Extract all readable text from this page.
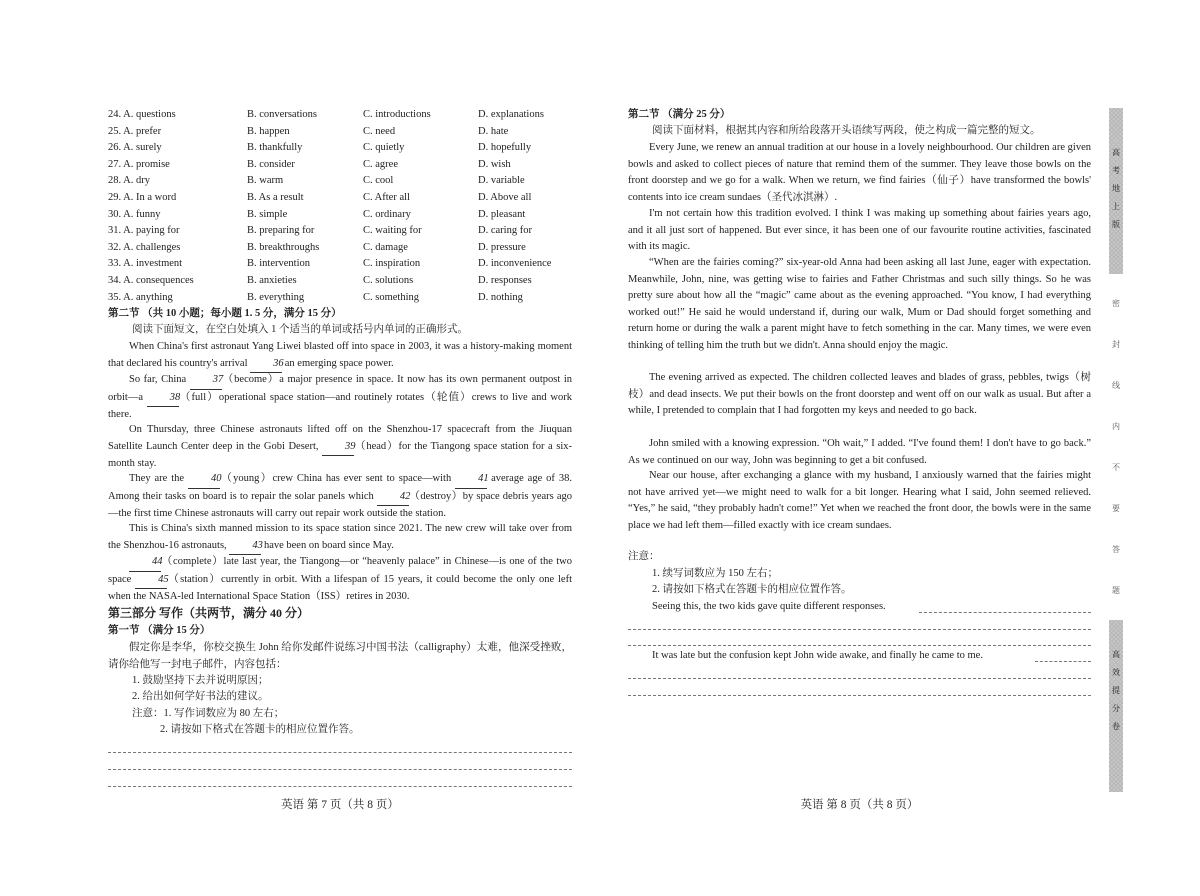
24. A. questions	B. conversations	C. introductions	D. explanations
25. A. prefer	B. happen	C. need	D. hate
26. A. surely	B. thankfully	C. quietly	D. hopefully
27. A. promise	B. consider	C. agree	D. wish
28. A. dry	B. warm	C. cool	D. variable
29. A. In a word	B. As a result	C. After all	D. Above all
30. A. funny	B. simple	C. ordinary	D. pleasant
31. A. paying for	B. preparing for	C. waiting for	D. caring for
32. A. challenges	B. breakthroughs	C. damage	D. pressure
33. A. investment	B. intervention	C. inspiration	D. inconvenience
34. A. consequences	B. anxieties	C. solutions	D. responses
35. A. anything	B. everything	C. something	D. nothing
第二节 （共 10 小题；每小题 1. 5 分，满分 15 分）
阅读下面短文，在空白处填入 1 个适当的单词或括号内单词的正确形式。

When China's first astronaut Yang Liwei blasted off into space in 2003, it was a history-making moment that declared his country's arrival 36 an emerging space power.

So far, China 37（become）a major presence in space. It now has its own permanent outpost in orbit—a 38（full）operational space station—and routinely rotates（轮值）crews to live and work there.

On Thursday, three Chinese astronauts lifted off on the Shenzhou-17 spacecraft from the Jiuquan Satellite Launch Center deep in the Gobi Desert, 39（head）for the Tiangong space station for a six-month stay.

They are the 40（young）crew China has ever sent to space—with 41 average age of 38. Among their tasks on board is to repair the solar panels which 42（destroy）by space debris years ago—the first time Chinese astronauts will carry out repair work outside the station.

This is China's sixth manned mission to its space station since 2021. The new crew will take over from the Shenzhou-16 astronauts, 43 have been on board since May.

44（complete）late last year, the Tiangong—or “heavenly palace” in Chinese—is one of the two space 45（station）currently in orbit. With a lifespan of 15 years, it could become the only one left when the NASA-led International Space Station（ISS）retires in 2030.

第三部分 写作（共两节，满分 40 分）
第一节 （满分 15 分）

假定你是李华，你校交换生 John 给你发邮件说练习中国书法（calligraphy）太难，他深受挫败，请你给他写一封电子邮件，内容包括：

1. 鼓励坚持下去并说明原因；
2. 给出如何学好书法的建议。
注意：1. 写作词数应为 80 左右；
2. 请按如下格式在答题卡的相应位置作答。
英语 第 7 页（共 8 页）
第二节 （满分 25 分）
阅读下面材料，根据其内容和所给段落开头语续写两段，使之构成一篇完整的短文。

Every June, we renew an annual tradition at our house in a lovely neighbourhood. Our children are given bowls and asked to collect pieces of nature that remind them of the summer. They leave those bowls on the front doorstep and we go for a walk. When we return, we find fairies（仙子）have transformed the bowls' contents into ice cream sundaes（圣代冰淇淋）.

I'm not certain how this tradition evolved. I think I was making up something about fairies years ago, and it all just sort of happened. But ever since, it has been one of our favourite routine activities, fascinated with its magic.

“When are the fairies coming?” six-year-old Anna had been asking all last June, eager with expectation. Meanwhile, John, nine, was getting wise to fairies and Father Christmas and such silly things. So he was pretty sure about how all the “magic” came about as the evening approached. “You know, I had everything worked out!” He said he would understand if, during our walk, Mum or Dad should forget something and return home or during the walk a parent might have to fetch something in the car. Many times, we were even thinking of telling him the truth but we didn't. Anna should enjoy the magic.

The evening arrived as expected. The children collected leaves and blades of grass, pebbles, twigs（树枝）and dead insects. We put their bowls on the front doorstep and went off on our walk as usual. But after a while, I pretended to complain that I had forgotten my keys and needed to go back.

John smiled with a knowing expression. “Oh wait,” I added. “I've found them! I don't have to go back.” As we continued on our way, John was beginning to get a bit confused.

Near our house, after exchanging a glance with my husband, I anxiously warned that the fairies might not have arrived yet—we might need to walk for a bit longer. Hearing what I said, John seemed relieved. “Yes,” he said, “they probably hadn't come!” Yet when we reached the front door, the bowls were in the same place we had left them—filled exactly with ice cream sundaes.

注意：
1. 续写词数应为 150 左右；
2. 请按如下格式在答题卡的相应位置作答。
Seeing this, the two kids gave quite different responses.
It was late but the confusion kept John wide awake, and finally he came to me.
英语 第 8 页（共 8 页）
高
考
地
上
版
密
封
线
内
不
要
答
题
高
效
提
分
卷
